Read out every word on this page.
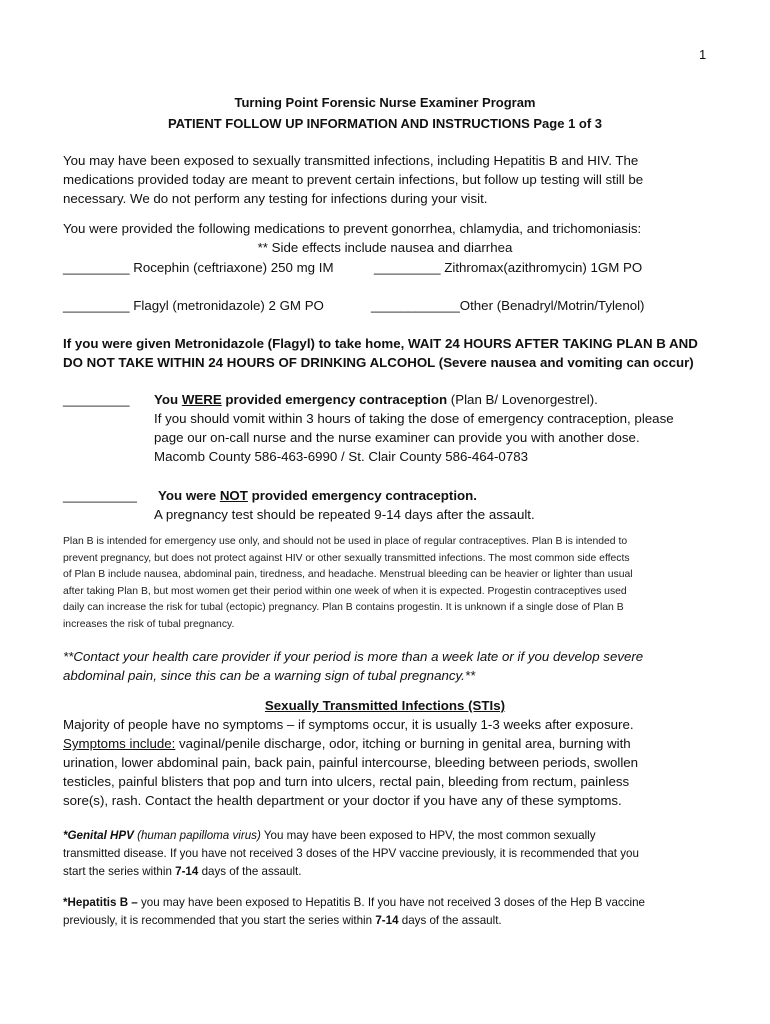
1
Turning Point Forensic Nurse Examiner Program
PATIENT FOLLOW UP INFORMATION AND INSTRUCTIONS Page 1 of 3
You may have been exposed to sexually transmitted infections, including Hepatitis B and HIV. The
medications provided today are meant to prevent certain infections, but follow up testing will still be
necessary. We do not perform any testing for infections during your visit.
You were provided the following medications to prevent gonorrhea, chlamydia, and trichomoniasis:
** Side effects include nausea and diarrhea
_________ Rocephin (ceftriaxone) 250 mg IM	_________ Zithromax(azithromycin) 1GM PO
_________ Flagyl (metronidazole) 2 GM PO	____________Other (Benadryl/Motrin/Tylenol)
If you were given Metronidazole (Flagyl) to take home, WAIT 24 HOURS AFTER TAKING PLAN B AND
DO NOT TAKE WITHIN 24 HOURS OF DRINKING ALCOHOL (Severe nausea and vomiting can occur)
_________ You WERE provided emergency contraception (Plan B/ Lovenorgestrel).
If you should vomit within 3 hours of taking the dose of emergency contraception, please
page our on-call nurse and the nurse examiner can provide you with another dose.
Macomb County 586-463-6990 / St. Clair County 586-464-0783
__________ You were NOT provided emergency contraception.
A pregnancy test should be repeated 9-14 days after the assault.
Plan B is intended for emergency use only, and should not be used in place of regular contraceptives. Plan B is intended to
prevent pregnancy, but does not protect against HIV or other sexually transmitted infections. The most common side effects
of Plan B include nausea, abdominal pain, tiredness, and headache. Menstrual bleeding can be heavier or lighter than usual
after taking Plan B, but most women get their period within one week of when it is expected. Progestin contraceptives used
daily can increase the risk for tubal (ectopic) pregnancy. Plan B contains progestin. It is unknown if a single dose of Plan B
increases the risk of tubal pregnancy.
**Contact your health care provider if your period is more than a week late or if you develop severe
abdominal pain, since this can be a warning sign of tubal pregnancy.**
Sexually Transmitted Infections (STIs)
Majority of people have no symptoms – if symptoms occur, it is usually 1-3 weeks after exposure.
Symptoms include: vaginal/penile discharge, odor, itching or burning in genital area, burning with
urination, lower abdominal pain, back pain, painful intercourse, bleeding between periods, swollen
testicles, painful blisters that pop and turn into ulcers, rectal pain, bleeding from rectum, painless
sore(s), rash. Contact the health department or your doctor if you have any of these symptoms.
*Genital HPV (human papilloma virus) You may have been exposed to HPV, the most common sexually
transmitted disease. If you have not received 3 doses of the HPV vaccine previously, it is recommended that you
start the series within 7-14 days of the assault.
*Hepatitis B – you may have been exposed to Hepatitis B. If you have not received 3 doses of the Hep B vaccine
previously, it is recommended that you start the series within 7-14 days of the assault.
